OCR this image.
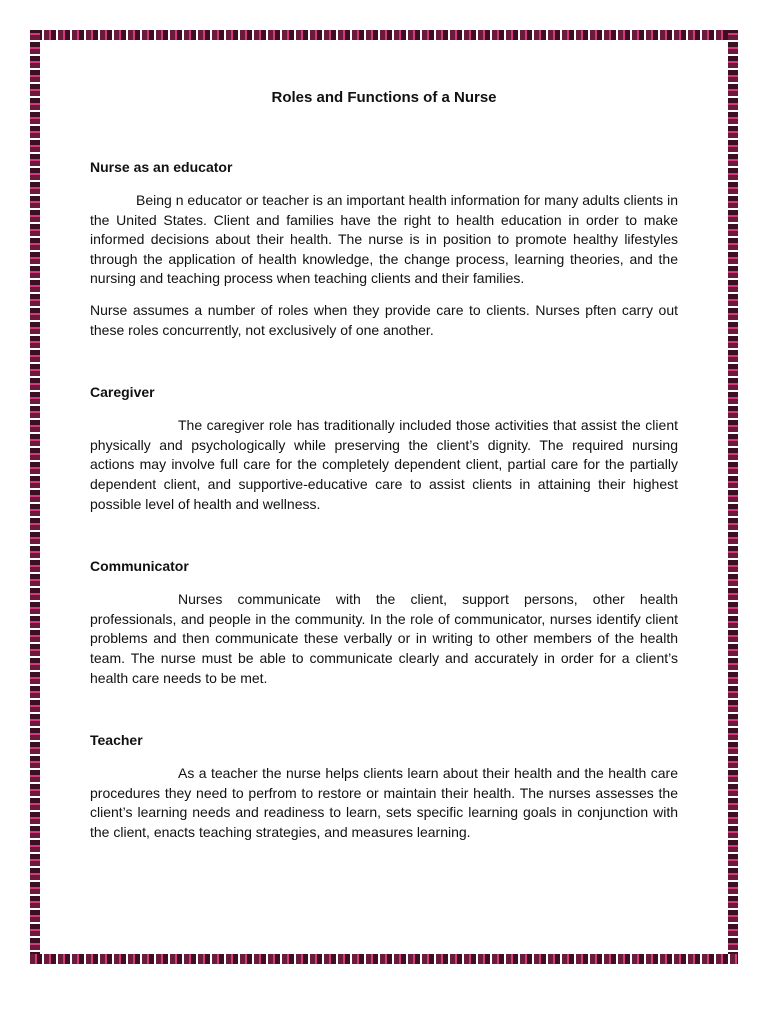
Roles and Functions of a Nurse
Nurse as an educator

Being n educator or teacher is an important health information for many adults clients in the United States. Client and families have the right to health education in order to make informed decisions about their health. The nurse is in position to promote healthy lifestyles through the application of health knowledge, the change process, learning theories, and the nursing and teaching process when teaching clients and their families.

Nurse assumes a number of roles when they provide care to clients. Nurses pften carry out these roles concurrently, not exclusively of one another.

Caregiver

The caregiver role has traditionally included those activities that assist the client physically and psychologically while preserving the client’s dignity. The required nursing actions may involve full care for the completely dependent client, partial care for the partially dependent client, and supportive-educative care to assist clients in attaining their highest possible level of health and wellness.

Communicator

Nurses communicate with the client, support persons, other health professionals, and people in the community. In the role of communicator, nurses identify client problems and then communicate these verbally or in writing to other members of the health team. The nurse must be able to communicate clearly and accurately in order for a client’s health care needs to be met.

Teacher

As a teacher the nurse helps clients learn about their health and the health care procedures they need to perfrom to restore or maintain their health. The nurses assesses the client’s learning needs and readiness to learn, sets specific learning goals in conjunction with the client, enacts teaching strategies, and measures learning.
